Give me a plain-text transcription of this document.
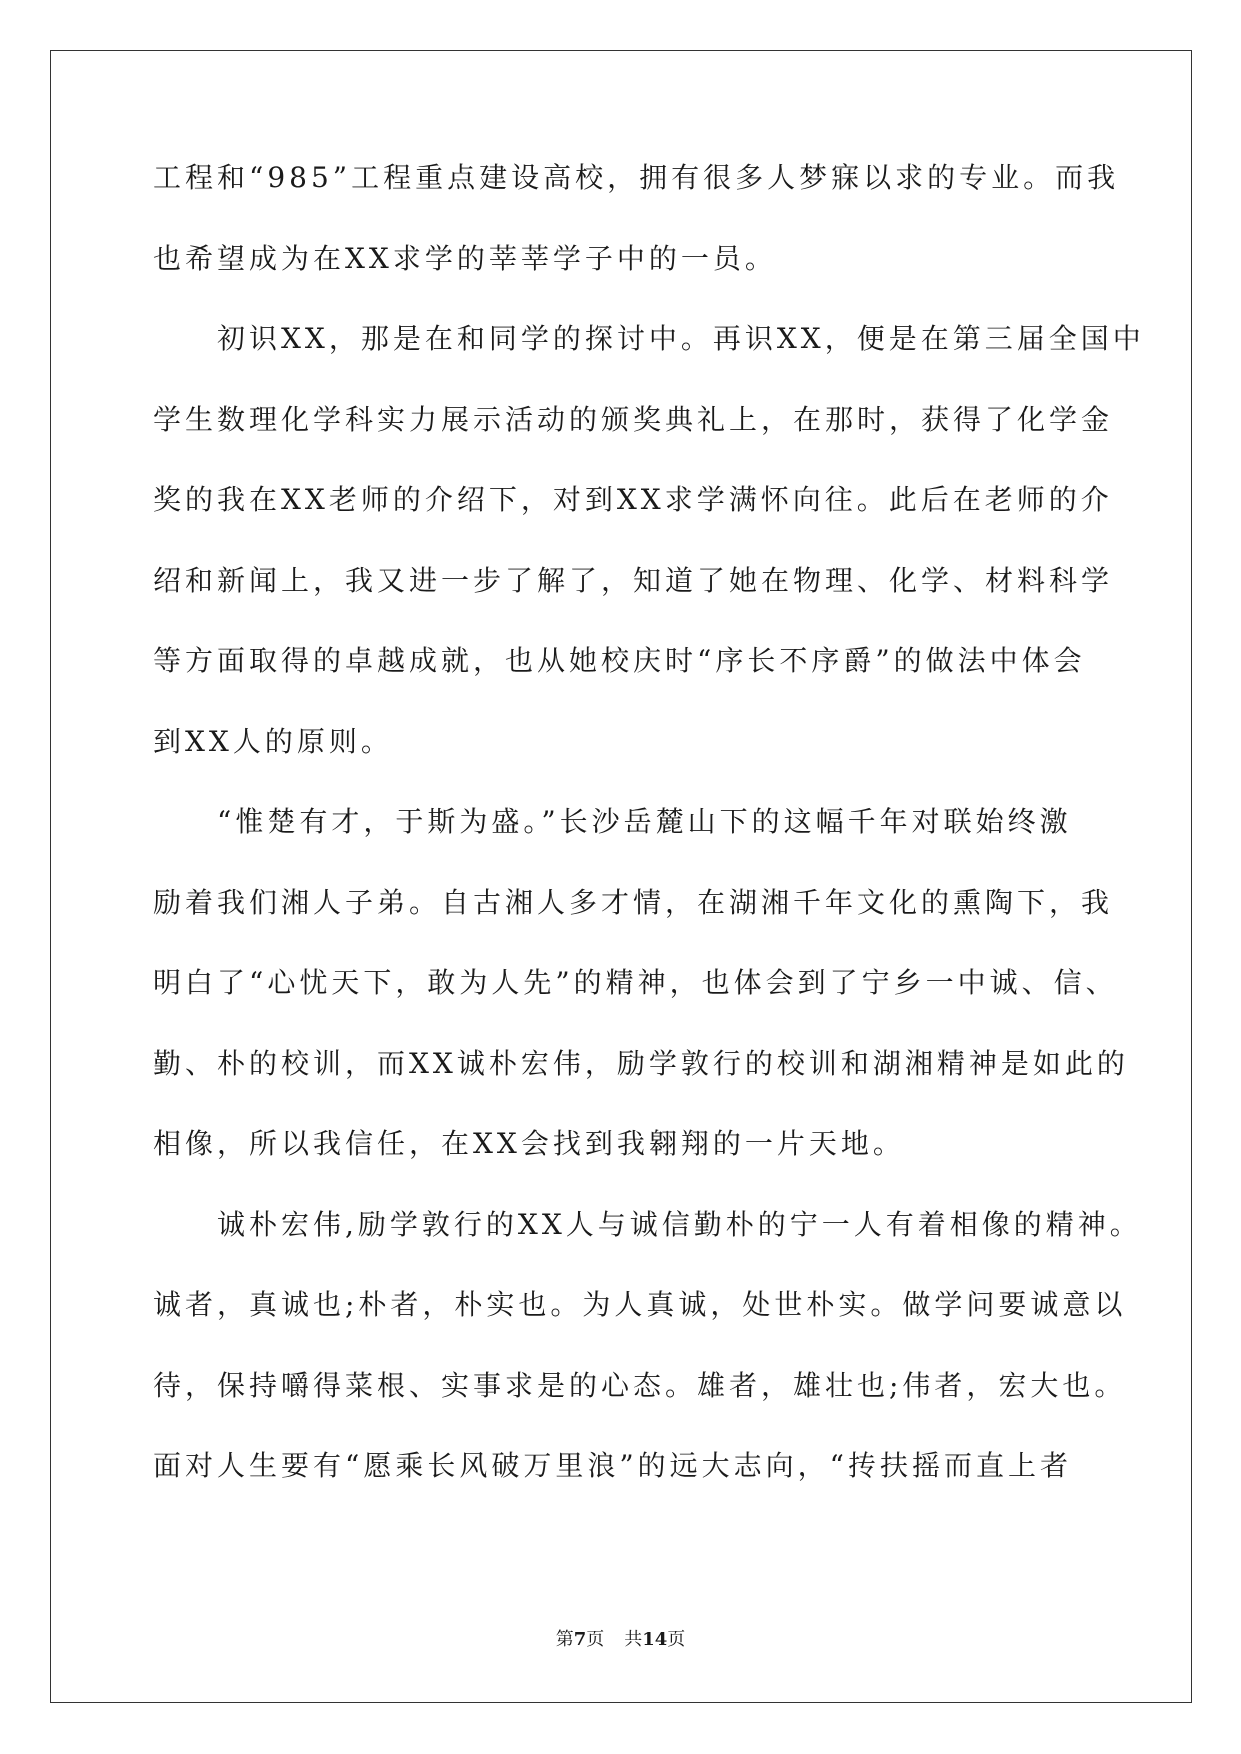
工程和“985”工程重点建设高校，拥有很多人梦寐以求的专业。而我
也希望成为在XX求学的莘莘学子中的一员。
初识XX，那是在和同学的探讨中。再识XX，便是在第三届全国中
学生数理化学科实力展示活动的颁奖典礼上，在那时，获得了化学金
奖的我在XX老师的介绍下，对到XX求学满怀向往。此后在老师的介
绍和新闻上，我又进一步了解了，知道了她在物理、化学、材料科学
等方面取得的卓越成就，也从她校庆时“序长不序爵”的做法中体会
到XX人的原则。
“惟楚有才，于斯为盛。”长沙岳麓山下的这幅千年对联始终激
励着我们湘人子弟。自古湘人多才情，在湖湘千年文化的熏陶下，我
明白了“心忧天下，敢为人先”的精神，也体会到了宁乡一中诚、信、
勤、朴的校训，而XX诚朴宏伟，励学敦行的校训和湖湘精神是如此的
相像，所以我信任，在XX会找到我翱翔的一片天地。
诚朴宏伟,励学敦行的XX人与诚信勤朴的宁一人有着相像的精神。
诚者，真诚也;朴者，朴实也。为人真诚，处世朴实。做学问要诚意以
待，保持嚼得菜根、实事求是的心态。雄者，雄壮也;伟者，宏大也。
面对人生要有“愿乘长风破万里浪”的远大志向，“抟扶摇而直上者
第7页 共14页
